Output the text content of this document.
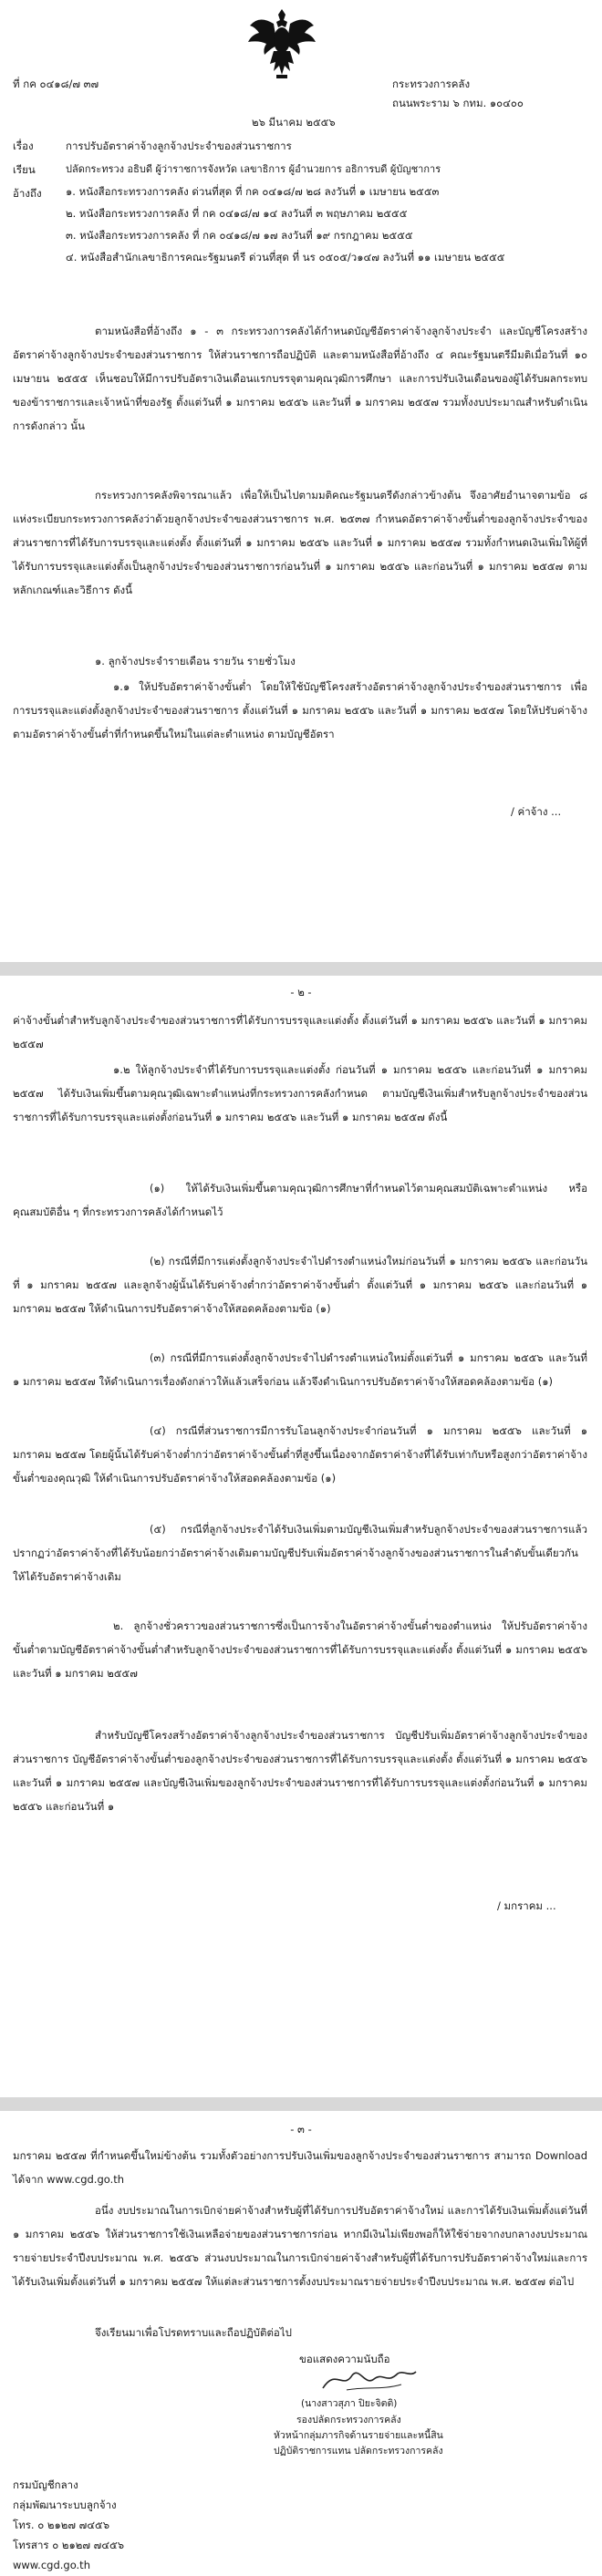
ที่ กค ๐๔๑๘/๗ ๓๗	กระทรวงการคลัง
ถนนพระราม ๖ กทม. ๑๐๔๐๐
๒๖ มีนาคม ๒๕๕๖
เรื่อง	การปรับอัตราค่าจ้างลูกจ้างประจำของส่วนราชการ
เรียน	ปลัดกระทรวง อธิบดี ผู้ว่าราชการจังหวัด เลขาธิการ ผู้อำนวยการ อธิการบดี ผู้บัญชาการ
อ้างถึง ๑. หนังสือกระทรวงการคลัง ด่วนที่สุด ที่ กค ๐๔๑๘/๗ ๒๘ ลงวันที่ ๑ เมษายน ๒๕๕๓

๒. หนังสือกระทรวงการคลัง ที่ กค ๐๔๑๘/๗ ๑๔ ลงวันที่ ๓ พฤษภาคม ๒๕๕๕

๓. หนังสือกระทรวงการคลัง ที่ กค ๐๔๑๘/๗ ๑๗ ลงวันที่ ๑๙ กรกฎาคม ๒๕๕๕

๔. หนังสือสำนักเลขาธิการคณะรัฐมนตรี ด่วนที่สุด ที่ นร ๐๕๐๕/ว๑๔๗ ลงวันที่ ๑๑ เมษายน ๒๕๕๕

ตามหนังสือที่อ้างถึง ๑ - ๓ กระทรวงการคลังได้กำหนดบัญชีอัตราค่าจ้างลูกจ้างประจำ และบัญชีโครงสร้างอัตราค่าจ้างลูกจ้างประจำของส่วนราชการ ให้ส่วนราชการถือปฏิบัติ และตามหนังสือที่อ้างถึง ๔ คณะรัฐมนตรีมีมติเมื่อวันที่ ๑๐ เมษายน ๒๕๕๕ เห็นชอบให้มีการปรับอัตราเงินเดือนแรกบรรจุตามคุณวุฒิการศึกษา และการปรับเงินเดือนของผู้ได้รับผลกระทบของข้าราชการและเจ้าหน้าที่ของรัฐ ตั้งแต่วันที่ ๑ มกราคม ๒๕๕๖ และวันที่ ๑ มกราคม ๒๕๕๗ รวมทั้งงบประมาณสำหรับดำเนินการดังกล่าว นั้น

กระทรวงการคลังพิจารณาแล้ว เพื่อให้เป็นไปตามมติคณะรัฐมนตรีดังกล่าวข้างต้น จึงอาศัยอำนาจตามข้อ ๘ แห่งระเบียบกระทรวงการคลังว่าด้วยลูกจ้างประจำของส่วนราชการ พ.ศ. ๒๕๓๗ กำหนดอัตราค่าจ้างขั้นต่ำของลูกจ้างประจำของส่วนราชการที่ได้รับการบรรจุและแต่งตั้ง ตั้งแต่วันที่ ๑ มกราคม ๒๕๕๖ และวันที่ ๑ มกราคม ๒๕๕๗ รวมทั้งกำหนดเงินเพิ่มให้ผู้ที่ได้รับการบรรจุและแต่งตั้งเป็นลูกจ้างประจำของส่วนราชการก่อนวันที่ ๑ มกราคม ๒๕๕๖ และก่อนวันที่ ๑ มกราคม ๒๕๕๗ ตามหลักเกณฑ์และวิธีการ ดังนี้

๑. ลูกจ้างประจำรายเดือน รายวัน รายชั่วโมง

๑.๑ ให้ปรับอัตราค่าจ้างขั้นต่ำ โดยให้ใช้บัญชีโครงสร้างอัตราค่าจ้างลูกจ้างประจำของส่วนราชการ เพื่อการบรรจุและแต่งตั้งลูกจ้างประจำของส่วนราชการ ตั้งแต่วันที่ ๑ มกราคม ๒๕๕๖ และวันที่ ๑ มกราคม ๒๕๕๗ โดยให้ปรับค่าจ้างตามอัตราค่าจ้างขั้นต่ำที่กำหนดขึ้นใหม่ในแต่ละตำแหน่ง ตามบัญชีอัตรา

/ ค่าจ้าง ...
- ๒ -

ค่าจ้างขั้นต่ำสำหรับลูกจ้างประจำของส่วนราชการที่ได้รับการบรรจุและแต่งตั้ง ตั้งแต่วันที่ ๑ มกราคม ๒๕๕๖ และวันที่ ๑ มกราคม ๒๕๕๗

๑.๒ ให้ลูกจ้างประจำที่ได้รับการบรรจุและแต่งตั้ง ก่อนวันที่ ๑ มกราคม ๒๕๕๖ และก่อนวันที่ ๑ มกราคม ๒๕๕๗ ได้รับเงินเพิ่มขึ้นตามคุณวุฒิเฉพาะตำแหน่งที่กระทรวงการคลังกำหนด ตามบัญชีเงินเพิ่มสำหรับลูกจ้างประจำของส่วนราชการที่ได้รับการบรรจุและแต่งตั้งก่อนวันที่ ๑ มกราคม ๒๕๕๖ และวันที่ ๑ มกราคม ๒๕๕๗ ดังนี้

(๑) ให้ได้รับเงินเพิ่มขึ้นตามคุณวุฒิการศึกษาที่กำหนดไว้ตามคุณสมบัติเฉพาะตำแหน่ง หรือคุณสมบัติอื่น ๆ ที่กระทรวงการคลังได้กำหนดไว้

(๒) กรณีที่มีการแต่งตั้งลูกจ้างประจำไปดำรงตำแหน่งใหม่ก่อนวันที่ ๑ มกราคม ๒๕๕๖ และก่อนวันที่ ๑ มกราคม ๒๕๕๗ และลูกจ้างผู้นั้นได้รับค่าจ้างต่ำกว่าอัตราค่าจ้างขั้นต่ำ ตั้งแต่วันที่ ๑ มกราคม ๒๕๕๖ และก่อนวันที่ ๑ มกราคม ๒๕๕๗ ให้ดำเนินการปรับอัตราค่าจ้างให้สอดคล้องตามข้อ (๑)

(๓) กรณีที่มีการแต่งตั้งลูกจ้างประจำไปดำรงตำแหน่งใหม่ตั้งแต่วันที่ ๑ มกราคม ๒๕๕๖ และวันที่ ๑ มกราคม ๒๕๕๗ ให้ดำเนินการเรื่องดังกล่าวให้แล้วเสร็จก่อน แล้วจึงดำเนินการปรับอัตราค่าจ้างให้สอดคล้องตามข้อ (๑)

(๔) กรณีที่ส่วนราชการมีการรับโอนลูกจ้างประจำก่อนวันที่ ๑ มกราคม ๒๕๕๖ และวันที่ ๑ มกราคม ๒๕๕๗ โดยผู้นั้นได้รับค่าจ้างต่ำกว่าอัตราค่าจ้างขั้นต่ำที่สูงขึ้นเนื่องจากอัตราค่าจ้างที่ได้รับเท่ากับหรือสูงกว่าอัตราค่าจ้างขั้นต่ำของคุณวุฒิ ให้ดำเนินการปรับอัตราค่าจ้างให้สอดคล้องตามข้อ (๑)

(๕) กรณีที่ลูกจ้างประจำได้รับเงินเพิ่มตามบัญชีเงินเพิ่มสำหรับลูกจ้างประจำของส่วนราชการแล้ว ปรากฏว่าอัตราค่าจ้างที่ได้รับน้อยกว่าอัตราค่าจ้างเดิมตามบัญชีปรับเพิ่มอัตราค่าจ้างลูกจ้างของส่วนราชการในลำดับขั้นเดียวกัน ให้ได้รับอัตราค่าจ้างเดิม

๒. ลูกจ้างชั่วคราวของส่วนราชการซึ่งเป็นการจ้างในอัตราค่าจ้างขั้นต่ำของตำแหน่ง ให้ปรับอัตราค่าจ้างขั้นต่ำตามบัญชีอัตราค่าจ้างขั้นต่ำสำหรับลูกจ้างประจำของส่วนราชการที่ได้รับการบรรจุและแต่งตั้ง ตั้งแต่วันที่ ๑ มกราคม ๒๕๕๖ และวันที่ ๑ มกราคม ๒๕๕๗

สำหรับบัญชีโครงสร้างอัตราค่าจ้างลูกจ้างประจำของส่วนราชการ บัญชีปรับเพิ่มอัตราค่าจ้างลูกจ้างประจำของส่วนราชการ บัญชีอัตราค่าจ้างขั้นต่ำของลูกจ้างประจำของส่วนราชการที่ได้รับการบรรจุและแต่งตั้ง ตั้งแต่วันที่ ๑ มกราคม ๒๕๕๖ และวันที่ ๑ มกราคม ๒๕๕๗ และบัญชีเงินเพิ่มของลูกจ้างประจำของส่วนราชการที่ได้รับการบรรจุและแต่งตั้งก่อนวันที่ ๑ มกราคม ๒๕๕๖ และก่อนวันที่ ๑

/ มกราคม ...
- ๓ -

มกราคม ๒๕๕๗ ที่กำหนดขึ้นใหม่ข้างต้น รวมทั้งตัวอย่างการปรับเงินเพิ่มของลูกจ้างประจำของส่วนราชการ สามารถ Download ได้จาก www.cgd.go.th

อนึ่ง งบประมาณในการเบิกจ่ายค่าจ้างสำหรับผู้ที่ได้รับการปรับอัตราค่าจ้างใหม่ และการได้รับเงินเพิ่มตั้งแต่วันที่ ๑ มกราคม ๒๕๕๖ ให้ส่วนราชการใช้เงินเหลือจ่ายของส่วนราชการก่อน หากมีเงินไม่เพียงพอก็ให้ใช้จ่ายจากงบกลางงบประมาณรายจ่ายประจำปีงบประมาณ พ.ศ. ๒๕๕๖ ส่วนงบประมาณในการเบิกจ่ายค่าจ้างสำหรับผู้ที่ได้รับการปรับอัตราค่าจ้างใหม่และการได้รับเงินเพิ่มตั้งแต่วันที่ ๑ มกราคม ๒๕๕๗ ให้แต่ละส่วนราชการตั้งงบประมาณรายจ่ายประจำปีงบประมาณ พ.ศ. ๒๕๕๗ ต่อไป

จึงเรียนมาเพื่อโปรดทราบและถือปฏิบัติต่อไป

ขอแสดงความนับถือ
(นางสาวสุภา ปิยะจิตติ)
รองปลัดกระทรวงการคลัง
หัวหน้ากลุ่มภารกิจด้านรายจ่ายและหนี้สิน
ปฏิบัติราชการแทน ปลัดกระทรวงการคลัง
กรมบัญชีกลาง
กลุ่มพัฒนาระบบลูกจ้าง
โทร. ๐ ๒๑๒๗ ๗๔๕๖
โทรสาร ๐ ๒๑๒๗ ๗๔๕๖
www.cgd.go.th
